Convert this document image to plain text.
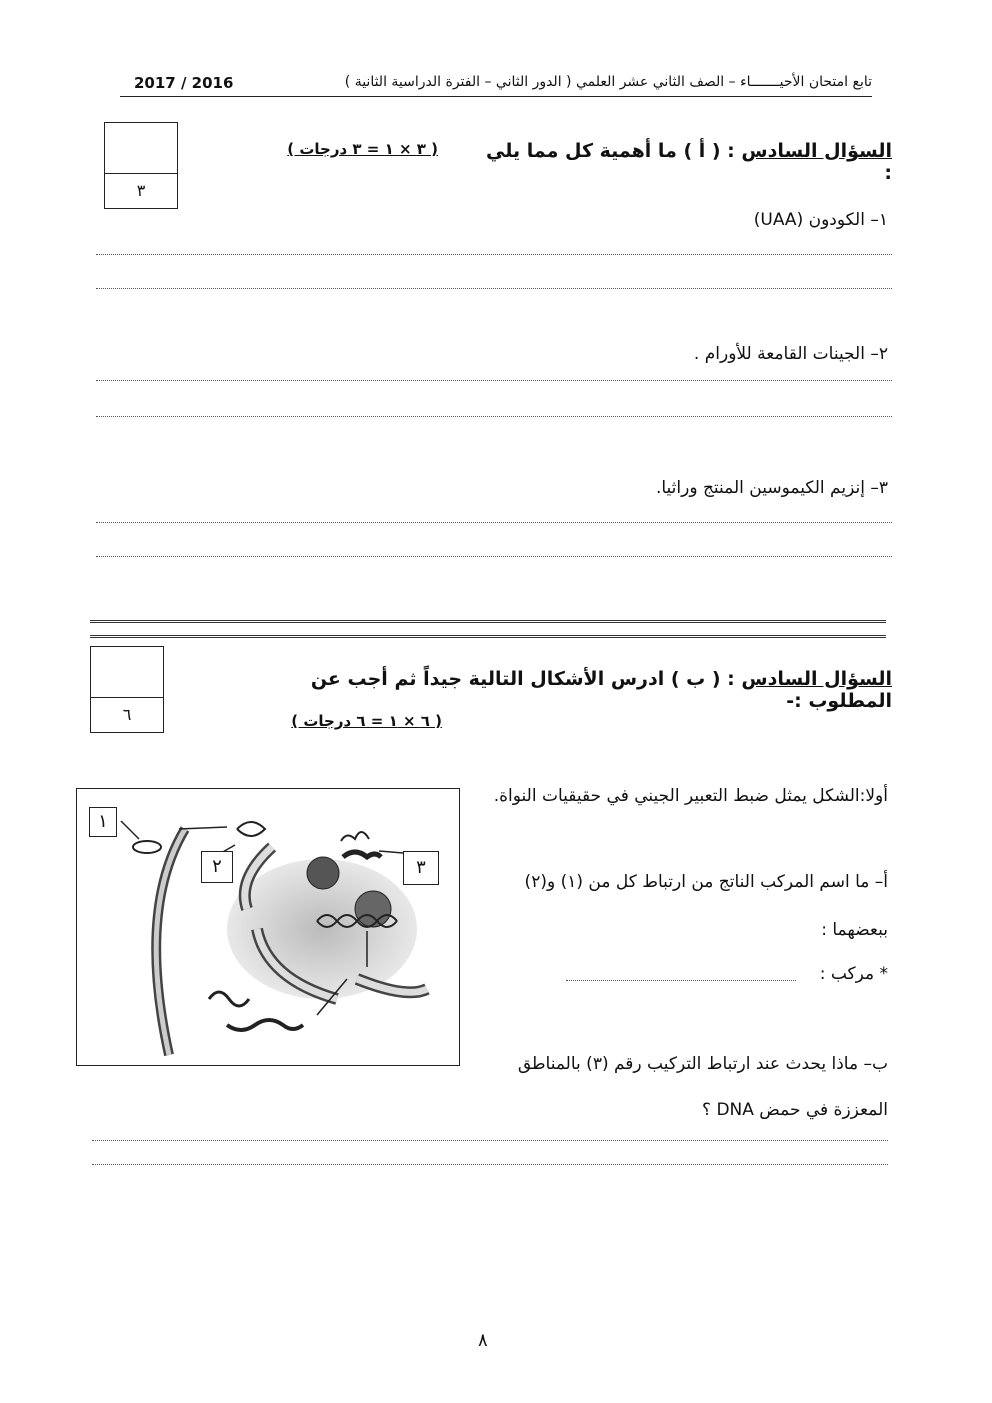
2017 / 2016	تابع امتحان الأحيـــــــاء – الصف الثاني عشر العلمي ( الدور الثاني – الفترة الدراسية الثانية )
٣
السؤال السادس : ( أ ) ما أهمية كل مما يلي :
( ٣ × ١ = ٣ درجات )
١– الكودون (UAA)
٢– الجينات القامعة للأورام .
٣– إنزيم الكيموسين المنتج وراثيا.
٦
السؤال السادس : ( ب ) ادرس الأشكال التالية جيداً ثم أجب عن المطلوب :-
( ٦ × ١ = ٦ درجات )
أولا:الشكل يمثل ضبط التعبير الجيني في حقيقيات النواة.
أ– ما اسم المركب الناتج من ارتباط كل من (١) و(٢)
ببعضهما :
* مركب :
ب– ماذا يحدث عند ارتباط التركيب رقم (٣) بالمناطق
المعززة في حمض DNA ؟
١
٢	٣
٨
